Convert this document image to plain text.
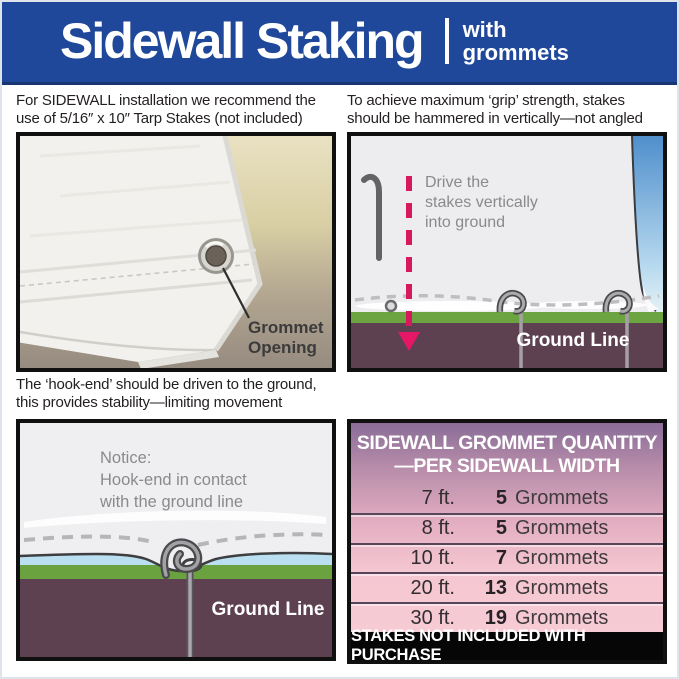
Sidewall Staking with
grommets
For SIDEWALL installation we recommend the
use of 5/16″ x 10″ Tarp Stakes (not included)
To achieve maximum ‘grip’ strength, stakes
should be hammered in vertically—not angled
Grommet
Opening
Drive the
stakes vertically
into ground
Ground Line
The ‘hook-end’ should be driven to the ground,
this provides stability—limiting movement
Notice:
Hook-end in contact
with the ground line
Ground Line
SIDEWALL GROMMET QUANTITY
—PER SIDEWALL WIDTH
7 ft.	5 Grommets
8 ft.	5 Grommets
10 ft.	7 Grommets
20 ft.	13 Grommets
30 ft.	19 Grommets
STAKES NOT INCLUDED WITH PURCHASE
